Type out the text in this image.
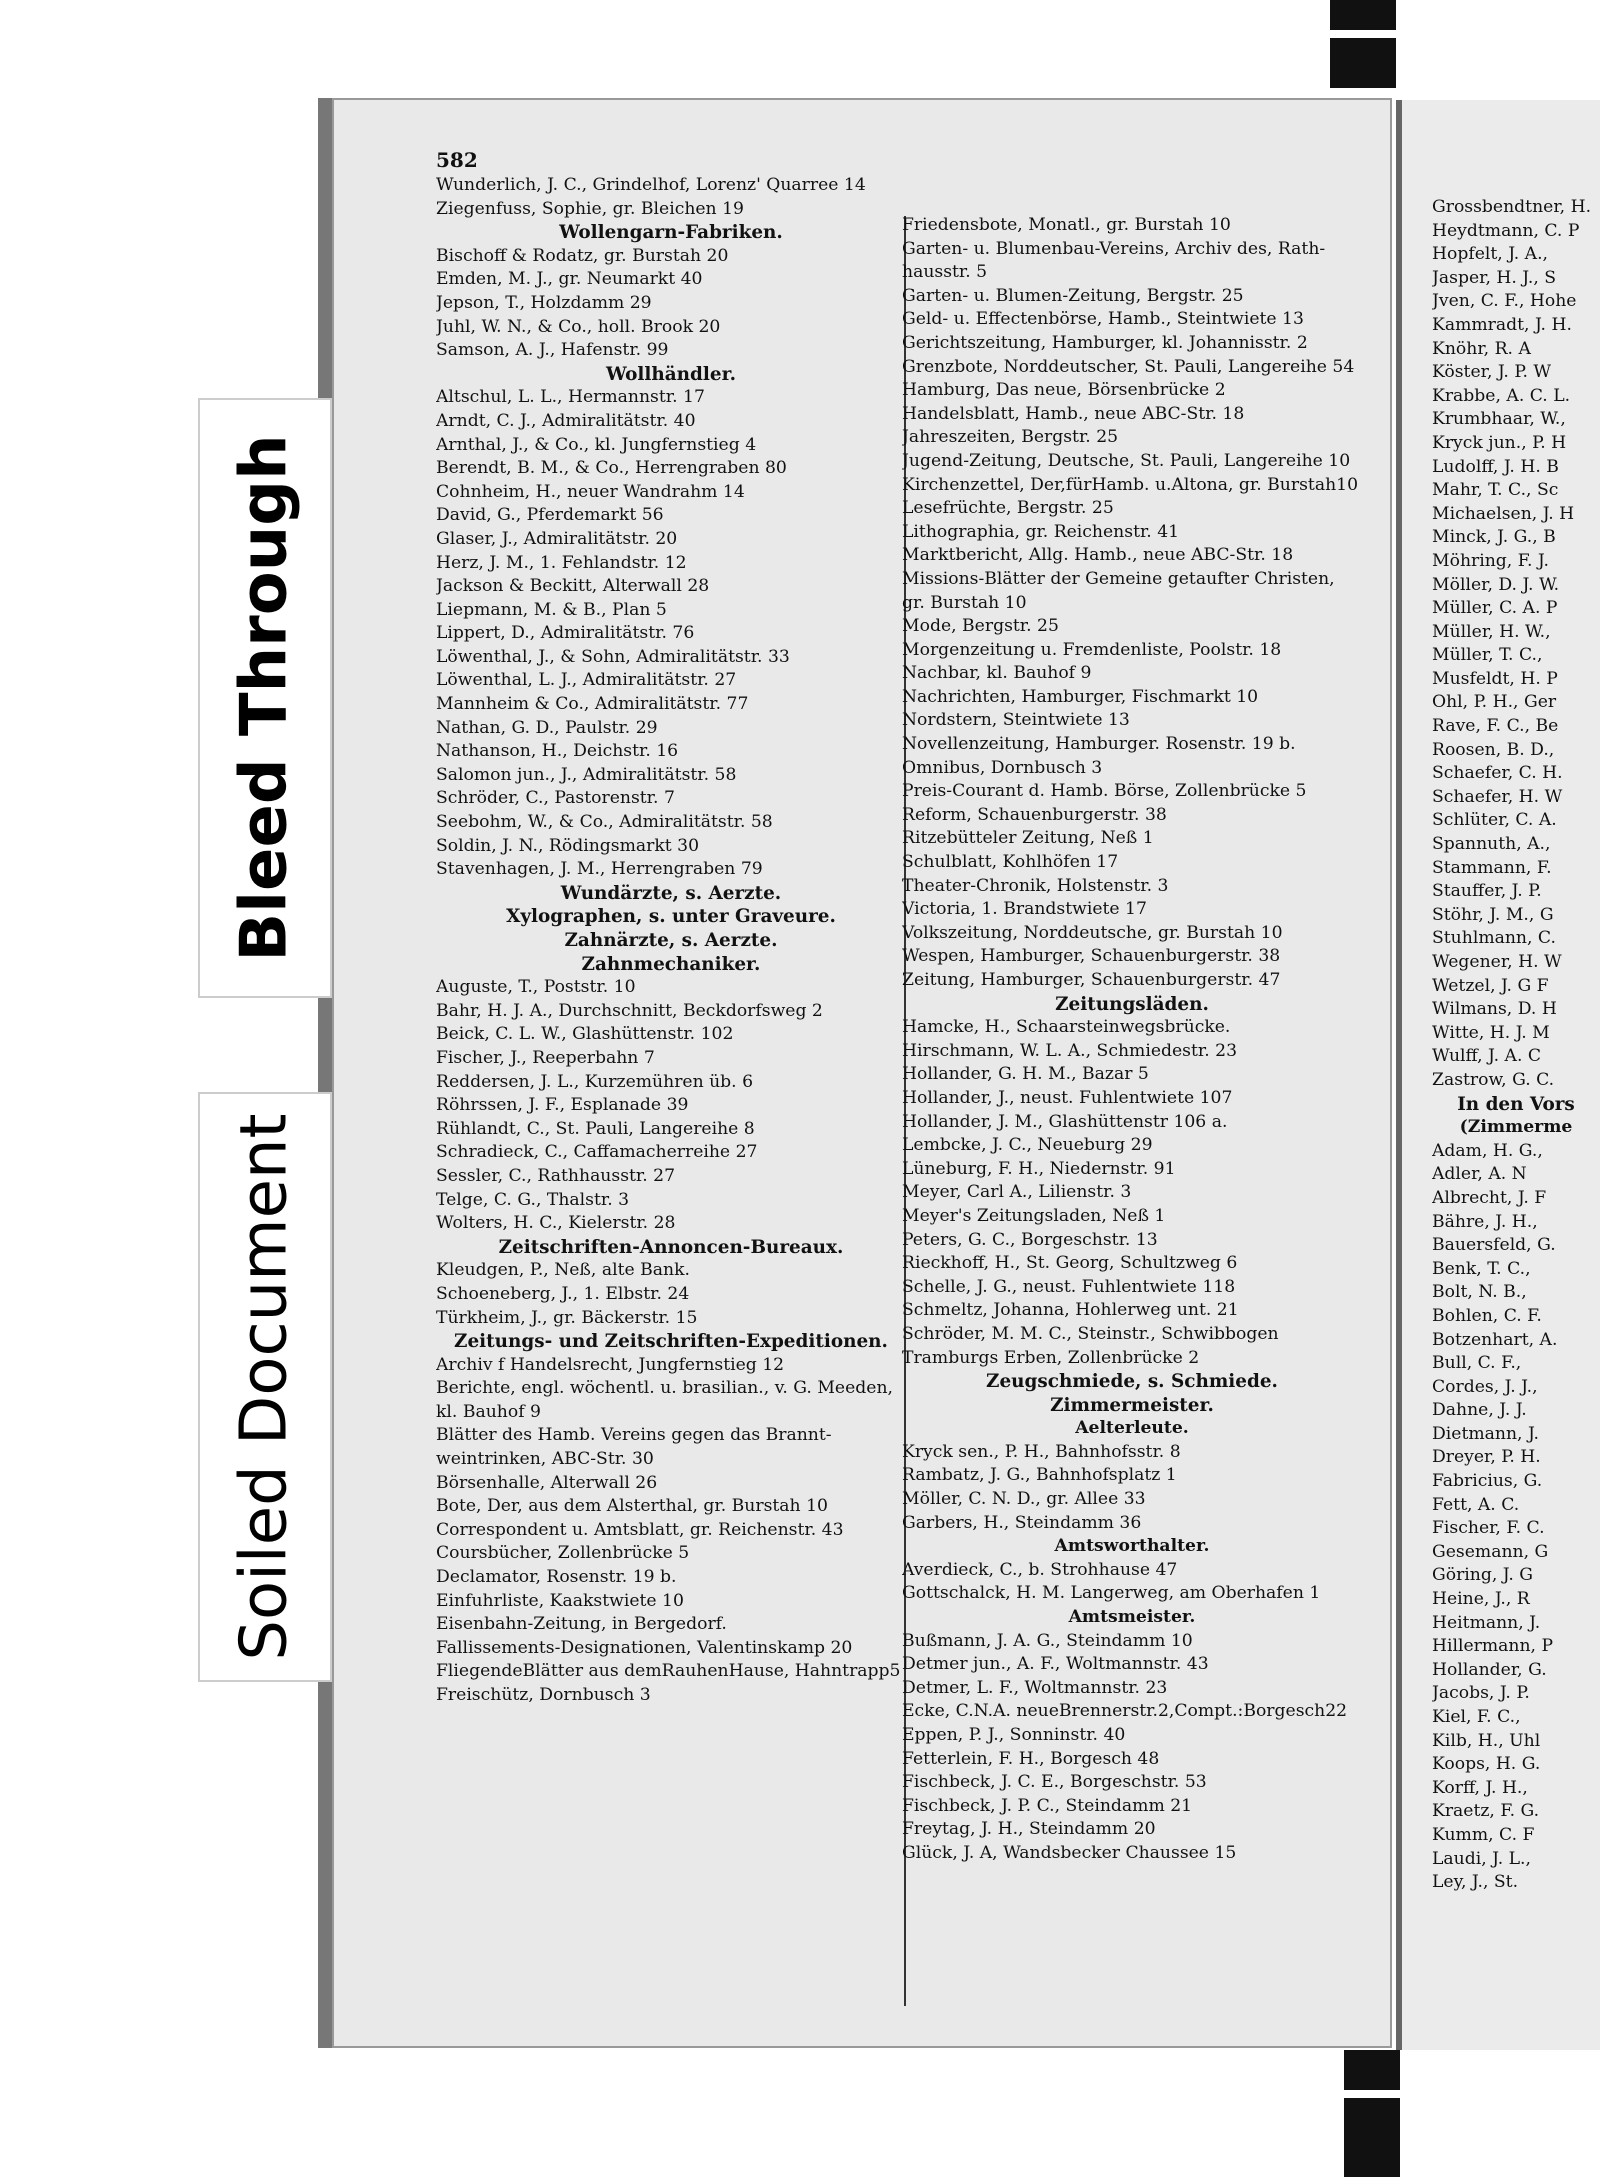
582
Wunderlich, J. C., Grindelhof, Lorenz' Quarree 14
Ziegenfuss, Sophie, gr. Bleichen 19
Wollengarn-Fabriken.
Bischoff & Rodatz, gr. Burstah 20
Emden, M. J., gr. Neumarkt 40
Jepson, T., Holzdamm 29
Juhl, W. N., & Co., holl. Brook 20
Samson, A. J., Hafenstr. 99
Wollhändler.
Altschul, L. L., Hermannstr. 17
Arndt, C. J., Admiralitätstr. 40
Arnthal, J., & Co., kl. Jungfernstieg 4
Berendt, B. M., & Co., Herrengraben 80
Cohnheim, H., neuer Wandrahm 14
David, G., Pferdemarkt 56
Glaser, J., Admiralitätstr. 20
Herz, J. M., 1. Fehlandstr. 12
Jackson & Beckitt, Alterwall 28
Liepmann, M. & B., Plan 5
Lippert, D., Admiralitätstr. 76
Löwenthal, J., & Sohn, Admiralitätstr. 33
Löwenthal, L. J., Admiralitätstr. 27
Mannheim & Co., Admiralitätstr. 77
Nathan, G. D., Paulstr. 29
Nathanson, H., Deichstr. 16
Salomon jun., J., Admiralitätstr. 58
Schröder, C., Pastorenstr. 7
Seebohm, W., & Co., Admiralitätstr. 58
Soldin, J. N., Rödingsmarkt 30
Stavenhagen, J. M., Herrengraben 79
Wundärzte, s. Aerzte.
Xylographen, s. unter Graveure.
Zahnärzte, s. Aerzte.
Zahnmechaniker.
Auguste, T., Poststr. 10
Bahr, H. J. A., Durchschnitt, Beckdorfsweg 2
Beick, C. L. W., Glashüttenstr. 102
Fischer, J., Reeperbahn 7
Reddersen, J. L., Kurzemühren üb. 6
Röhrssen, J. F., Esplanade 39
Rühlandt, C., St. Pauli, Langereihe 8
Schradieck, C., Caffamacherreihe 27
Sessler, C., Rathhausstr. 27
Telge, C. G., Thalstr. 3
Wolters, H. C., Kielerstr. 28
Zeitschriften-Annoncen-Bureaux.
Kleudgen, P., Neß, alte Bank.
Schoeneberg, J., 1. Elbstr. 24
Türkheim, J., gr. Bäckerstr. 15
Zeitungs- und Zeitschriften-Expeditionen.
Archiv f Handelsrecht, Jungfernstieg 12
Berichte, engl. wöchentl. u. brasilian., v. G. Meeden,
kl. Bauhof 9
Blätter des Hamb. Vereins gegen das Brannt-
weintrinken, ABC-Str. 30
Börsenhalle, Alterwall 26
Bote, Der, aus dem Alsterthal, gr. Burstah 10
Correspondent u. Amtsblatt, gr. Reichenstr. 43
Coursbücher, Zollenbrücke 5
Declamator, Rosenstr. 19 b.
Einfuhrliste, Kaakstwiete 10
Eisenbahn-Zeitung, in Bergedorf.
Fallissements-Designationen, Valentinskamp 20
FliegendeBlätter aus demRauhenHause, Hahntrapp5
Freischütz, Dornbusch 3
Friedensbote, Monatl., gr. Burstah 10
Garten- u. Blumenbau-Vereins, Archiv des, Rath-
hausstr. 5
Garten- u. Blumen-Zeitung, Bergstr. 25
Geld- u. Effectenbörse, Hamb., Steintwiete 13
Gerichtszeitung, Hamburger, kl. Johannisstr. 2
Grenzbote, Norddeutscher, St. Pauli, Langereihe 54
Hamburg, Das neue, Börsenbrücke 2
Handelsblatt, Hamb., neue ABC-Str. 18
Jahreszeiten, Bergstr. 25
Jugend-Zeitung, Deutsche, St. Pauli, Langereihe 10
Kirchenzettel, Der,fürHamb. u.Altona, gr. Burstah10
Lesefrüchte, Bergstr. 25
Lithographia, gr. Reichenstr. 41
Marktbericht, Allg. Hamb., neue ABC-Str. 18
Missions-Blätter der Gemeine getaufter Christen,
gr. Burstah 10
Mode, Bergstr. 25
Morgenzeitung u. Fremdenliste, Poolstr. 18
Nachbar, kl. Bauhof 9
Nachrichten, Hamburger, Fischmarkt 10
Nordstern, Steintwiete 13
Novellenzeitung, Hamburger. Rosenstr. 19 b.
Omnibus, Dornbusch 3
Preis-Courant d. Hamb. Börse, Zollenbrücke 5
Reform, Schauenburgerstr. 38
Ritzebütteler Zeitung, Neß 1
Schulblatt, Kohlhöfen 17
Theater-Chronik, Holstenstr. 3
Victoria, 1. Brandstwiete 17
Volkszeitung, Norddeutsche, gr. Burstah 10
Wespen, Hamburger, Schauenburgerstr. 38
Zeitung, Hamburger, Schauenburgerstr. 47
Zeitungsläden.
Hamcke, H., Schaarsteinwegsbrücke.
Hirschmann, W. L. A., Schmiedestr. 23
Hollander, G. H. M., Bazar 5
Hollander, J., neust. Fuhlentwiete 107
Hollander, J. M., Glashüttenstr 106 a.
Lembcke, J. C., Neueburg 29
Lüneburg, F. H., Niedernstr. 91
Meyer, Carl A., Lilienstr. 3
Meyer's Zeitungsladen, Neß 1
Peters, G. C., Borgeschstr. 13
Rieckhoff, H., St. Georg, Schultzweg 6
Schelle, J. G., neust. Fuhlentwiete 118
Schmeltz, Johanna, Hohlerweg unt. 21
Schröder, M. M. C., Steinstr., Schwibbogen
Tramburgs Erben, Zollenbrücke 2
Zeugschmiede, s. Schmiede.
Zimmermeister.
Aelterleute.
Kryck sen., P. H., Bahnhofsstr. 8
Rambatz, J. G., Bahnhofsplatz 1
Möller, C. N. D., gr. Allee 33
Garbers, H., Steindamm 36
Amtsworthalter.
Averdieck, C., b. Strohhause 47
Gottschalck, H. M. Langerweg, am Oberhafen 1
Amtsmeister.
Bußmann, J. A. G., Steindamm 10
Detmer jun., A. F., Woltmannstr. 43
Detmer, L. F., Woltmannstr. 23
Ecke, C.N.A. neueBrennerstr.2,Compt.:Borgesch22
Eppen, P. J., Sonninstr. 40
Fetterlein, F. H., Borgesch 48
Fischbeck, J. C. E., Borgeschstr. 53
Fischbeck, J. P. C., Steindamm 21
Freytag, J. H., Steindamm 20
Glück, J. A, Wandsbecker Chaussee 15
Grossbendtner, H.
Heydtmann, C. P
Hopfelt, J. A.,
Jasper, H. J., S
Jven, C. F., Hohe
Kammradt, J. H.
Knöhr, R. A
Köster, J. P. W
Krabbe, A. C. L.
Krumbhaar, W.,
Kryck jun., P. H
Ludolff, J. H. B
Mahr, T. C., Sc
Michaelsen, J. H
Minck, J. G., B
Möhring, F. J.
Möller, D. J. W.
Müller, C. A. P
Müller, H. W.,
Müller, T. C.,
Musfeldt, H. P
Ohl, P. H., Ger
Rave, F. C., Be
Roosen, B. D.,
Schaefer, C. H.
Schaefer, H. W
Schlüter, C. A.
Spannuth, A.,
Stammann, F.
Stauffer, J. P.
Stöhr, J. M., G
Stuhlmann, C.
Wegener, H. W
Wetzel, J. G F
Wilmans, D. H
Witte, H. J. M
Wulff, J. A. C
Zastrow, G. C.
In den Vors
(Zimmerme
Adam, H. G.,
Adler, A. N
Albrecht, J. F
Bähre, J. H.,
Bauersfeld, G.
Benk, T. C.,
Bolt, N. B.,
Bohlen, C. F.
Botzenhart, A.
Bull, C. F.,
Cordes, J. J.,
Dahne, J. J.
Dietmann, J.
Dreyer, P. H.
Fabricius, G.
Fett, A. C.
Fischer, F. C.
Gesemann, G
Göring, J. G
Heine, J., R
Heitmann, J.
Hillermann, P
Hollander, G.
Jacobs, J. P.
Kiel, F. C.,
Kilb, H., Uhl
Koops, H. G.
Korff, J. H.,
Kraetz, F. G.
Kumm, C. F
Laudi, J. L.,
Ley, J., St.
Bleed Through
Soiled Document
